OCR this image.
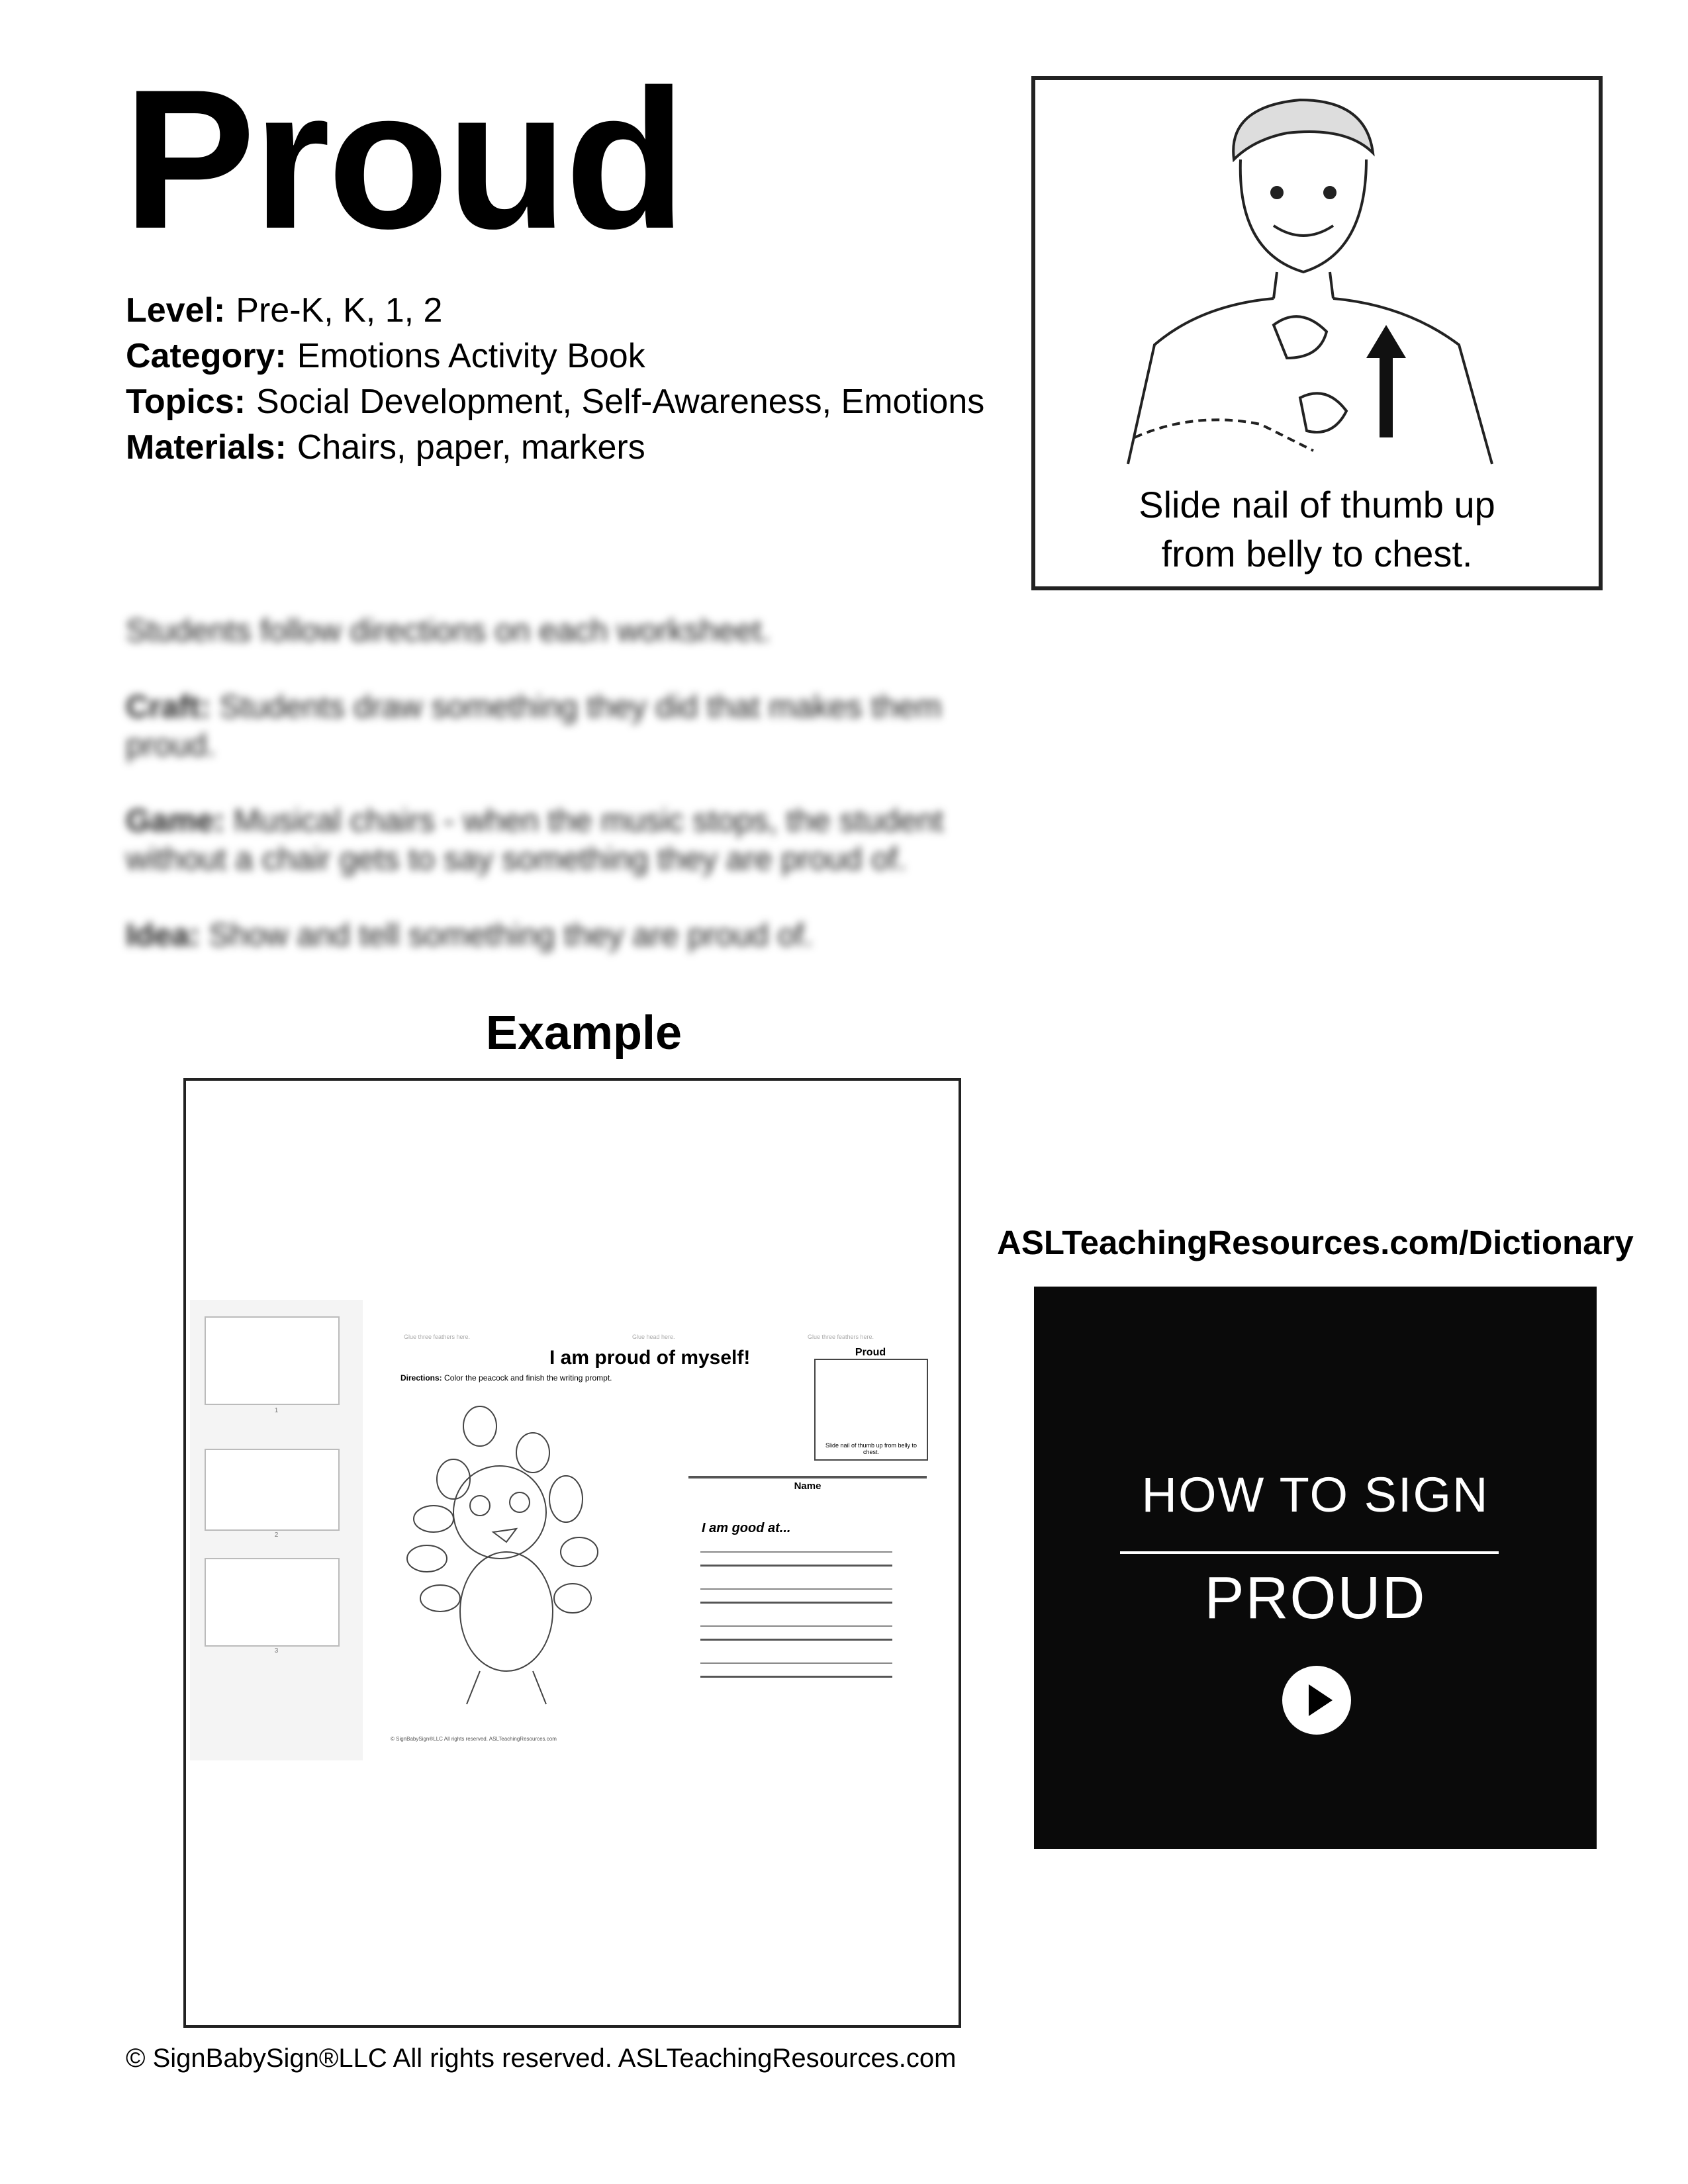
Proud
Level: Pre-K, K, 1, 2
Category: Emotions Activity Book
Topics: Social Development, Self-Awareness, Emotions
Materials: Chairs, paper, markers
Slide nail of thumb up
from belly to chest.
Students follow directions on each worksheet.
Craft: Students draw something they did that makes them proud.
Game: Musical chairs - when the music stops, the student without a chair gets to say something they are proud of.
Idea: Show and tell something they are proud of.
Example
1
2
3
Glue three feathers here.	Glue head here.	Glue three feathers here.
I am proud of myself!
Directions: Color the peacock and finish the writing prompt.
Proud
Slide nail of thumb up from belly to chest.
Name
I am good at...
© SignBabySign®LLC All rights reserved. ASLTeachingResources.com
ASLTeachingResources.com/Dictionary
HOW TO SIGN
PROUD
© SignBabySign®LLC All rights reserved. ASLTeachingResources.com
